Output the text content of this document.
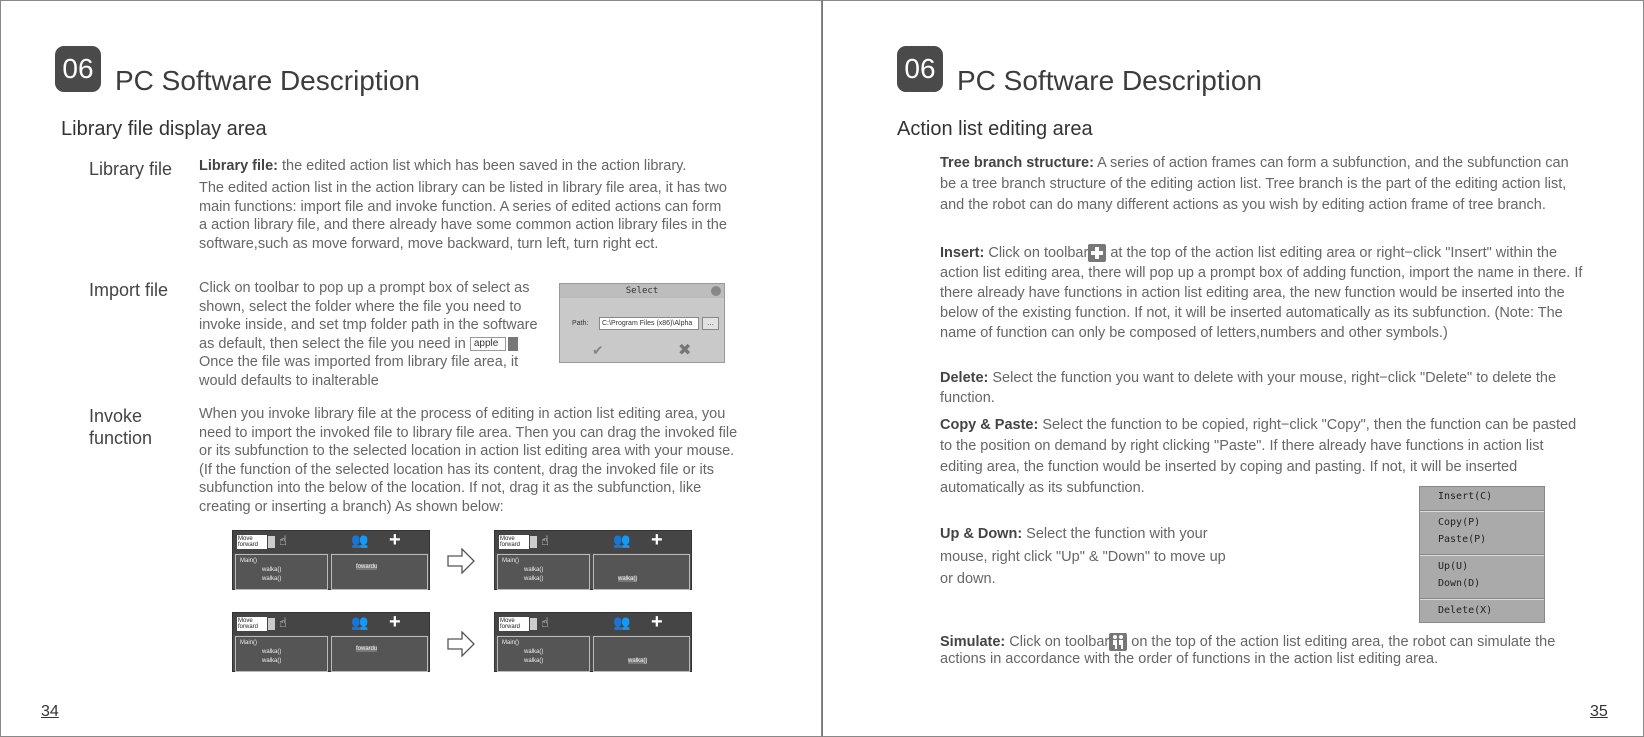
06 PC Software Description
Library file display area
Library file Library file: the edited action list which has been saved in the action library.
The edited action list in the action library can be listed in library file area, it has two main functions: import file and invoke function. A series of edited actions can form a action library file, and there already have some common action library files in the software,such as move forward, move backward, turn left, turn right ect.
Import file Click on toolbar to pop up a prompt box of select as shown, select the folder where the file you need to invoke inside, and set tmp folder path in the software as default, then select the file you need in apple Once the file was imported from library file area, it would defaults to inalterable
Select
Path:	C:\Program Files (x86)\Alpha	...
✔	✖
Invoke
function
When you invoke library file at the process of editing in action list editing area, you need to import the invoked file to library file area. Then you can drag the invoked file or its subfunction to the selected location in action list editing area with your mouse. (If the function of the selected location has its content, drag the invoked file or its subfunction into the below of the location. If not, drag it as the subfunction, like creating or inserting a branch) As shown below:
Move
forward	☝	👥 +
Main()
walka()
walka()
fowardu
Move
forward	☝	👥 +
Main()
walka()
walka()	walka()
Move
forward	☝	👥 +
Main()
walka()
walka()
fowardu
Move
forward	☝	👥 +
Main()
walka()
walka()	walka()
34
06 PC Software Description
Action list editing area
Tree branch structure: A series of action frames can form a subfunction, and the subfunction can be a tree branch structure of the editing action list. Tree branch is the part of the editing action list, and the robot can do many different actions as you wish by editing action frame of tree branch.
Insert: Click on toolbar at the top of the action list editing area or right−click "Insert" within the action list editing area, there will pop up a prompt box of adding function, import the name in there. If there already have functions in action list editing area, the new function would be inserted into the below of the existing function. If not, it will be inserted automatically as its subfunction. (Note: The name of function can only be composed of letters,numbers and other symbols.)
Delete: Select the function you want to delete with your mouse, right−click "Delete" to delete the function.
Copy & Paste: Select the function to be copied, right−click "Copy", then the function can be pasted to the position on demand by right clicking "Paste". If there already have functions in action list editing area, the function would be inserted by coping and pasting. If not, it will be inserted automatically as its subfunction.
Up & Down: Select the function with your mouse, right click "Up" & "Down" to move up or down.
Simulate: Click on toolbar on the top of the action list editing area, the robot can simulate the actions in accordance with the order of functions in the action list editing area.
35
Insert(C)
Copy(P)
Paste(P)
Up(U)
Down(D)
Delete(X)
